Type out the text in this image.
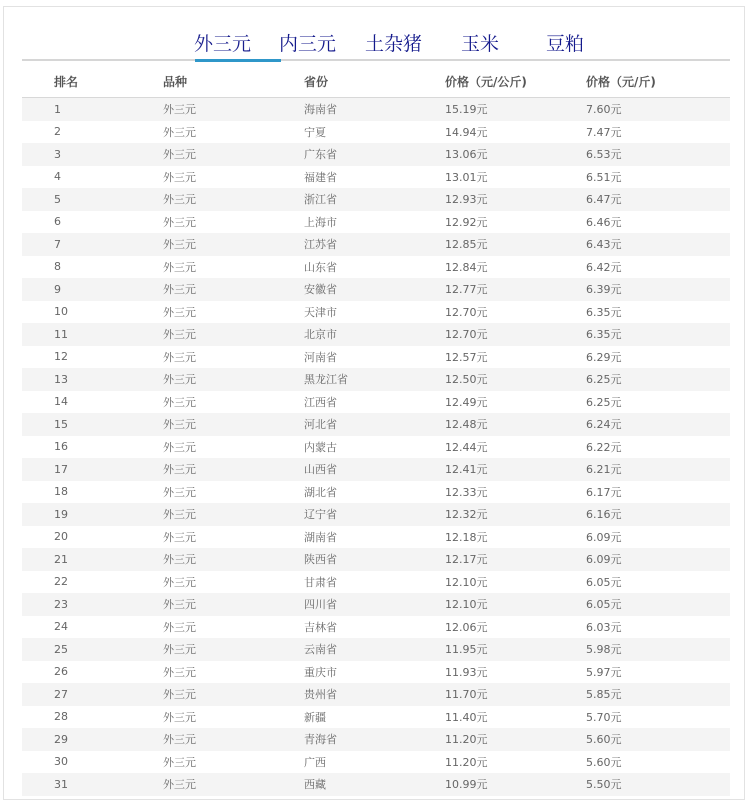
外三元 内三元 土杂猪 玉米 豆粕
排名	品种	省份	价格（元/公斤)	价格（元/斤)
1	外三元	海南省	15.19元	7.60元
2	外三元	宁夏	14.94元	7.47元
3	外三元	广东省	13.06元	6.53元
4	外三元	福建省	13.01元	6.51元
5	外三元	浙江省	12.93元	6.47元
6	外三元	上海市	12.92元	6.46元
7	外三元	江苏省	12.85元	6.43元
8	外三元	山东省	12.84元	6.42元
9	外三元	安徽省	12.77元	6.39元
10	外三元	天津市	12.70元	6.35元
11	外三元	北京市	12.70元	6.35元
12	外三元	河南省	12.57元	6.29元
13	外三元	黑龙江省	12.50元	6.25元
14	外三元	江西省	12.49元	6.25元
15	外三元	河北省	12.48元	6.24元
16	外三元	内蒙古	12.44元	6.22元
17	外三元	山西省	12.41元	6.21元
18	外三元	湖北省	12.33元	6.17元
19	外三元	辽宁省	12.32元	6.16元
20	外三元	湖南省	12.18元	6.09元
21	外三元	陕西省	12.17元	6.09元
22	外三元	甘肃省	12.10元	6.05元
23	外三元	四川省	12.10元	6.05元
24	外三元	吉林省	12.06元	6.03元
25	外三元	云南省	11.95元	5.98元
26	外三元	重庆市	11.93元	5.97元
27	外三元	贵州省	11.70元	5.85元
28	外三元	新疆	11.40元	5.70元
29	外三元	青海省	11.20元	5.60元
30	外三元	广西	11.20元	5.60元
31	外三元	西藏	10.99元	5.50元
